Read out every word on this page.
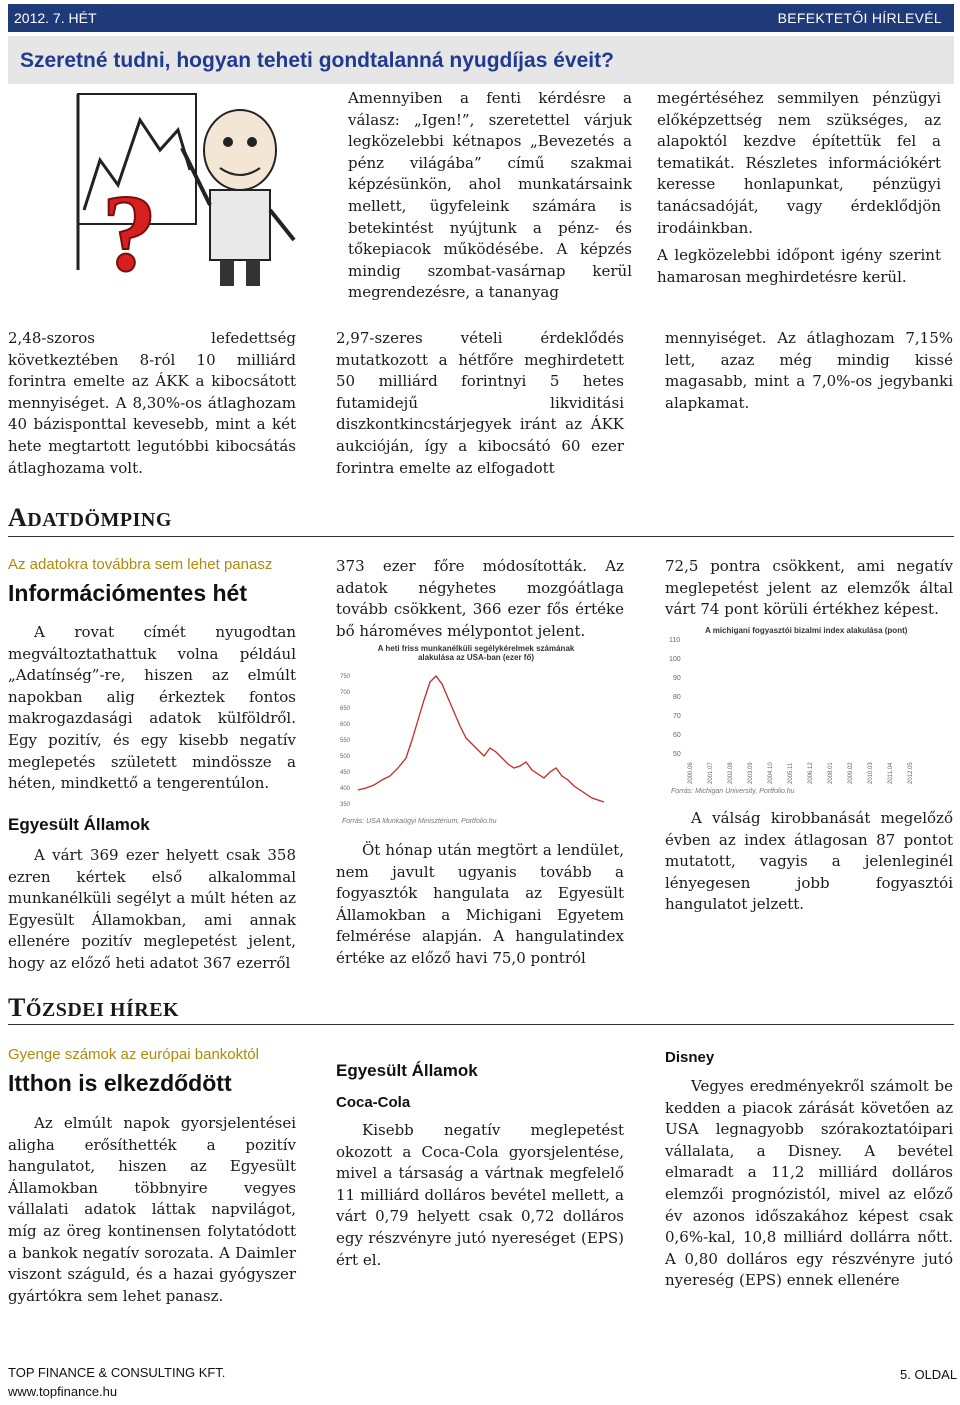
2012. 7. HÉT	BEFEKTETŐI HÍRLEVÉL
Szeretné tudni, hogyan teheti gondtalanná nyugdíjas éveit?
?
Amennyiben a fenti kérdésre a válasz: „Igen!”, szeretettel várjuk legközelebbi kétnapos „Bevezetés a pénz világába” című szakmai képzésünkön, ahol munkatársaink mellett, ügyfeleink számára is betekintést nyújtunk a pénz- és tőkepiacok működésébe. A képzés mindig szombat-vasárnap kerül megrendezésre, a tananyag

megértéséhez semmilyen pénzügyi előképzettség nem szükséges, az alapoktól kezdve építettük fel a tematikát. Részletes információkért keresse honlapunkat, pénzügyi tanácsadóját, vagy érdeklődjön irodáinkban.

A legközelebbi időpont igény szerint hamarosan meghirdetésre kerül.

2,48-szoros lefedettség következtében 8-ról 10 milliárd forintra emelte az ÁKK a kibocsátott mennyiséget. A 8,30%-os átlaghozam 40 bázisponttal kevesebb, mint a két hete megtartott legutóbbi kibocsátás átlaghozama volt.
2,97-szeres vételi érdeklődés mutatkozott a hétfőre meghirdetett 50 milliárd forintnyi 5 hetes futamidejű likviditási diszkontkincstárjegyek iránt az ÁKK aukcióján, így a kibocsátó 60 ezer forintra emelte az elfogadott
mennyiséget. Az átlaghozam 7,15% lett, azaz még mindig kissé magasabb, mint a 7,0%-os jegybanki alapkamat.
ADATDÖMPING
Az adatokra továbbra sem lehet panasz
Információmentes hét
A rovat címét nyugodtan megváltoztathattuk volna például „Adatínség”-re, hiszen az elmúlt napokban alig érkeztek fontos makrogazdasági adatok külföldről. Egy pozitív, és egy kisebb negatív meglepetés született mindössze a héten, mindkettő a tengerentúlon.
Egyesült Államok
A várt 369 ezer helyett csak 358 ezren kértek első alkalommal munkanélküli segélyt a múlt héten az Egyesült Államokban, ami annak ellenére pozitív meglepetést jelent, hogy az előző heti adatot 367 ezerről
373 ezer főre módosították. Az adatok négyhetes mozgóátlaga tovább csökkent, 366 ezer fős értéke bő hároméves mélypontot jelent.
A heti friss munkanélküli segélykérelmek számának alakulása az USA-ban (ezer fő)
750
700
650
600
550
500
450
400
350
Forrás: USA Munkaügyi Minisztérium, Portfolio.hu
Öt hónap után megtört a lendület, nem javult ugyanis tovább a fogyasztók hangulata az Egyesült Államokban a Michigani Egyetem felmérése alapján. A hangulatindex értéke az előző havi 75,0 pontról
72,5 pontra csökkent, ami negatív meglepetést jelent az elemzők által várt 74 pont körüli értékhez képest.
A michigani fogyasztói bizalmi index alakulása (pont)
110
100
90
80
70
60
50
2000.06 2001.07 2002.08 2003.09 2004.10 2005.11 2006.12 2008.01 2009.02 2010.03 2011.04 2012.05
Forrás: Michigan University, Portfolio.hu
A válság kirobbanását megelőző évben az index átlagosan 87 pontot mutatott, vagyis a jelenleginél lényegesen jobb fogyasztói hangulatot jelzett.
TŐZSDEI HÍREK
Gyenge számok az európai bankoktól
Itthon is elkezdődött
Az elmúlt napok gyorsjelentései aligha erősíthették a pozitív hangulatot, hiszen az Egyesült Államokban többnyire vegyes vállalati adatok láttak napvilágot, míg az öreg kontinensen folytatódott a bankok negatív sorozata. A Daimler viszont száguld, és a hazai gyógyszer gyártókra sem lehet panasz.
Egyesült Államok
Coca-Cola
Kisebb negatív meglepetést okozott a Coca-Cola gyorsjelentése, mivel a társaság a vártnak megfelelő 11 milliárd dolláros bevétel mellett, a várt 0,79 helyett csak 0,72 dolláros egy részvényre jutó nyereséget (EPS) ért el.
Disney
Vegyes eredményekről számolt be kedden a piacok zárását követően az USA legnagyobb szórakoztatóipari vállalata, a Disney. A bevétel elmaradt a 11,2 milliárd dolláros elemzői prognózistól, mivel az előző év azonos időszakához képest csak 0,6%-kal, 10,8 milliárd dollárra nőtt. A 0,80 dolláros egy részvényre jutó nyereség (EPS) ennek ellenére
TOP FINANCE & CONSULTING KFT.
www.topfinance.hu
5. OLDAL
